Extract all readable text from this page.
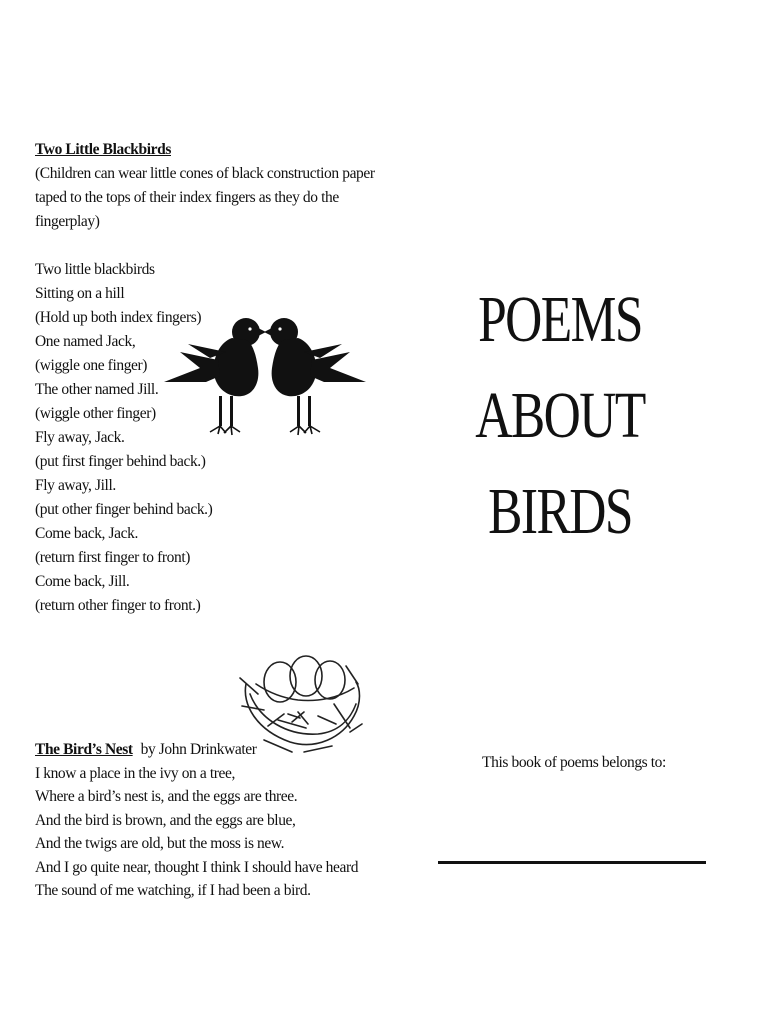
Two Little Blackbirds
(Children can wear little cones of black construction paper
taped to the tops of their index fingers as they do the
fingerplay)
Two little blackbirds
Sitting on a hill
(Hold up both index fingers)
One named Jack,
(wiggle one finger)
The other named Jill.
(wiggle other finger)
Fly away, Jack.
(put first finger behind back.)
Fly away, Jill.
(put other finger behind back.)
Come back, Jack.
(return first finger to front)
Come back, Jill.
(return other finger to front.)
The Bird’s Nest by John Drinkwater
I know a place in the ivy on a tree,
Where a bird’s nest is, and the eggs are three.
And the bird is brown, and the eggs are blue,
And the twigs are old, but the moss is new.
And I go quite near, thought I think I should have heard
The sound of me watching, if I had been a bird.
POEMS
ABOUT
BIRDS
This book of poems belongs to:
